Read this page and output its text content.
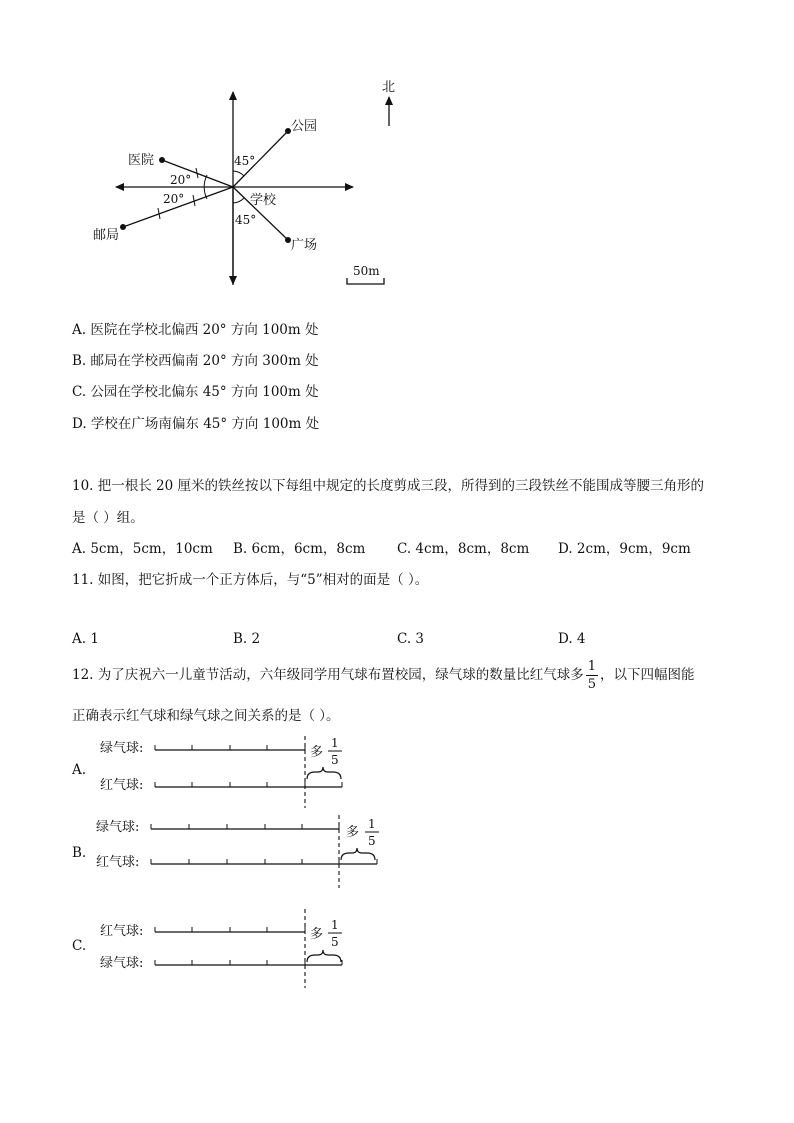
公园
医院
邮局
学校
广场
45°
20°
20°
45°
北
50m
A. 医院在学校北偏西 20° 方向 100m 处
B. 邮局在学校西偏南 20° 方向 300m 处
C. 公园在学校北偏东 45° 方向 100m 处
D. 学校在广场南偏东 45° 方向 100m 处
10. 把一根长 20 厘米的铁丝按以下每组中规定的长度剪成三段，所得到的三段铁丝不能围成等腰三角形的
是（ ）组。
A. 5cm，5cm，10cm B. 6cm，6cm，8cm C. 4cm，8cm，8cm D. 2cm，9cm，9cm
11. 如图，把它折成一个正方体后，与“5”相对的面是（ ）。
A. 1	B. 2	C. 3	D. 4
12. 为了庆祝六一儿童节活动，六年级同学用气球布置校园，绿气球的数量比红气球多 $\frac{1}{5}$ ，以下四幅图能
正确表示红气球和绿气球之间关系的是（ ）。
A.
B.
C.
绿气球:	多
1
5
红气球:
绿气球:	多
1
5
红气球:
红气球:	多
1
5
绿气球:
